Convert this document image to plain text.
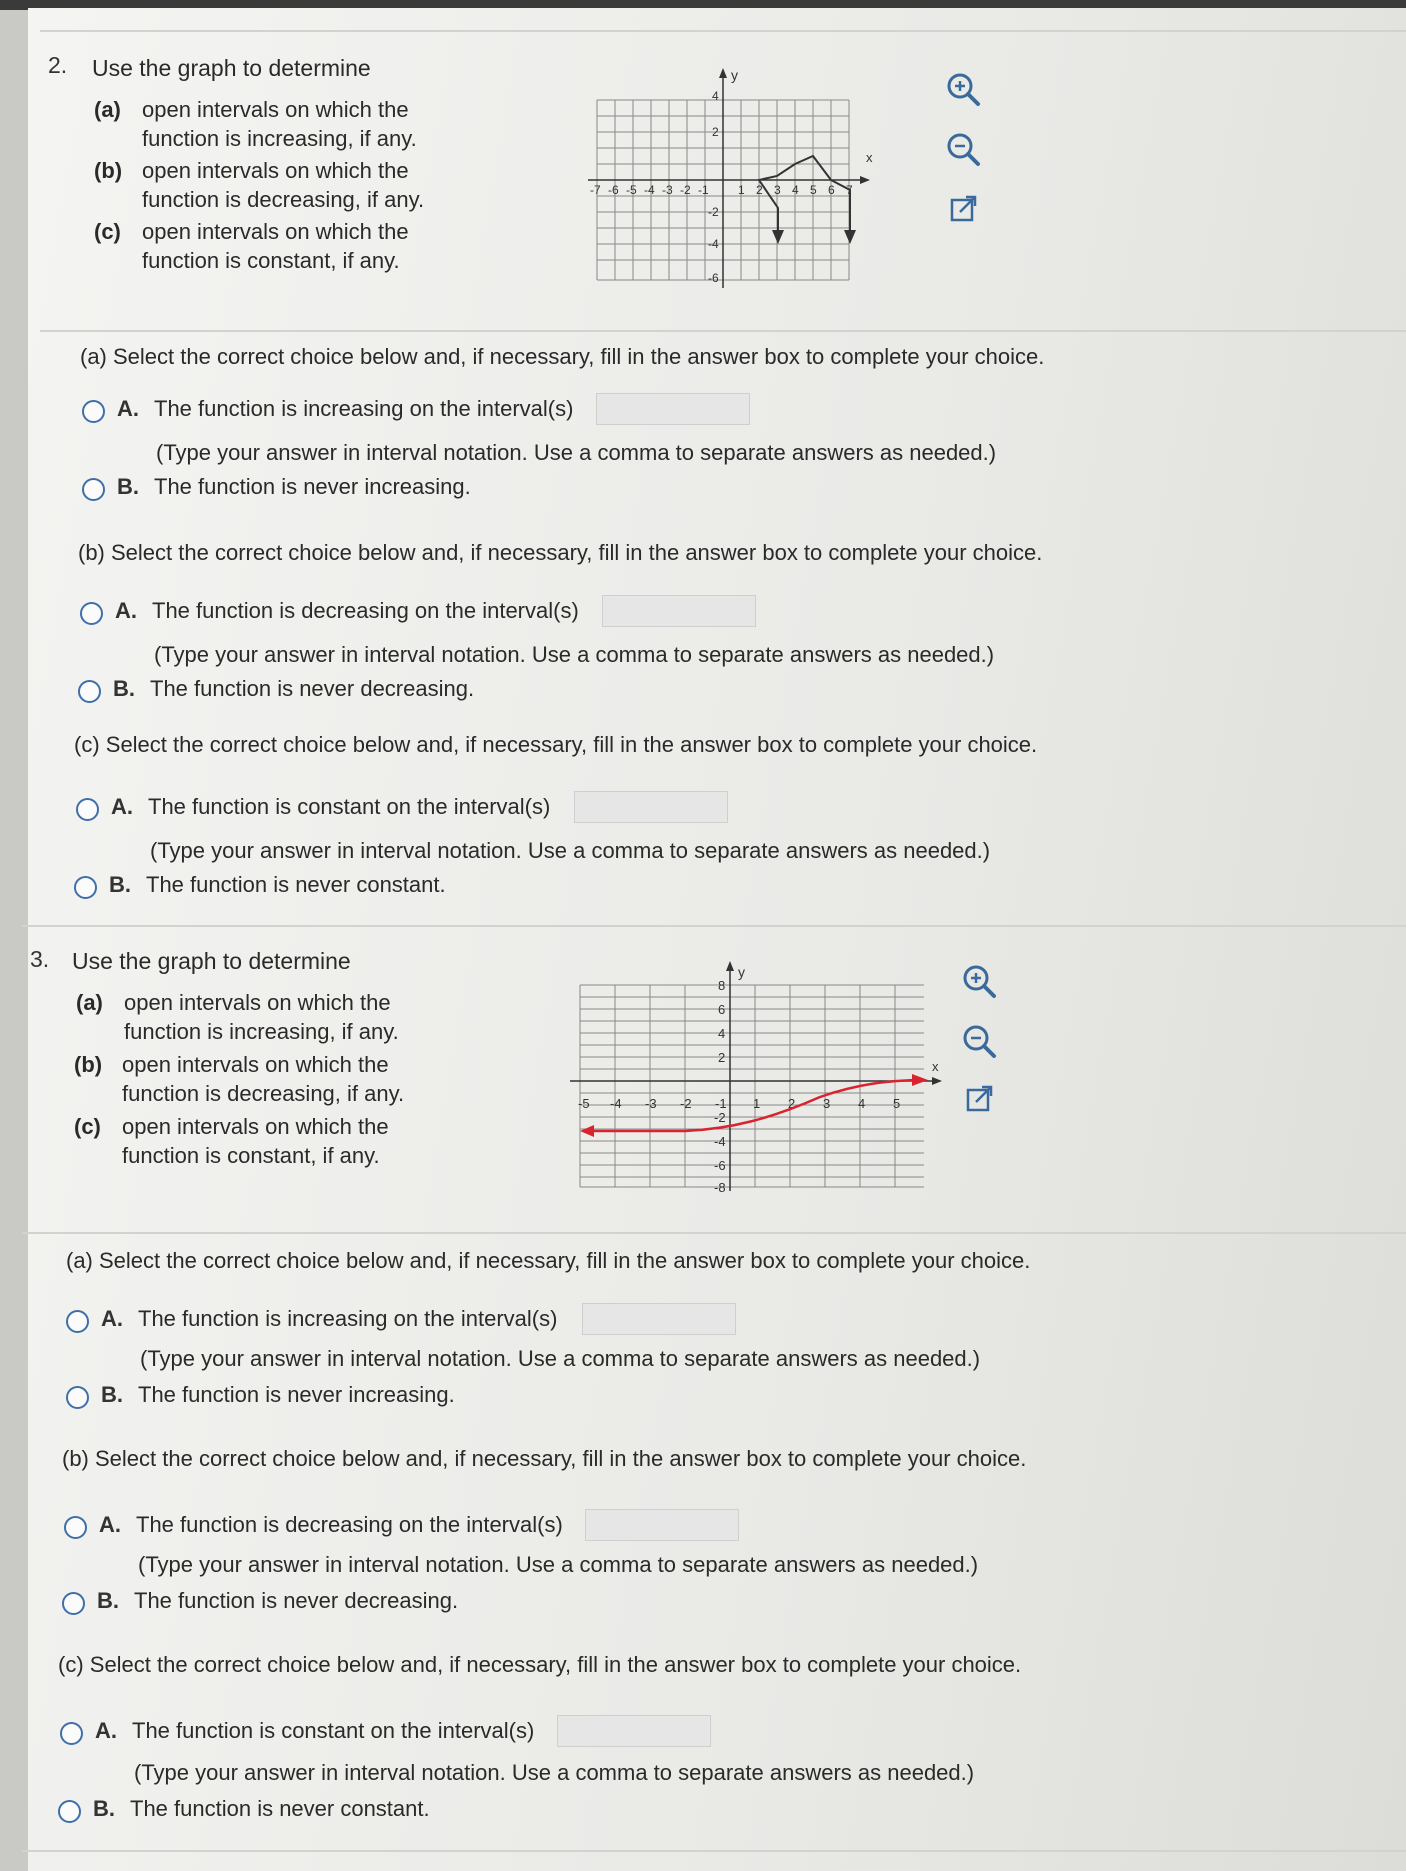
2. Use the graph to determine
(a) open intervals on which the function is increasing, if any.
(b) open intervals on which the function is decreasing, if any.
(c) open intervals on which the function is constant, if any.
x
y
-7 -6 -5 -4 -3 -2 -1 1 2 3 4 5 6 7
4
2
-2
-4
-6
(a) Select the correct choice below and, if necessary, fill in the answer box to complete your choice.
A. The function is increasing on the interval(s)
(Type your answer in interval notation. Use a comma to separate answers as needed.)
B. The function is never increasing.
(b) Select the correct choice below and, if necessary, fill in the answer box to complete your choice.
A. The function is decreasing on the interval(s)
(Type your answer in interval notation. Use a comma to separate answers as needed.)
B. The function is never decreasing.
(c) Select the correct choice below and, if necessary, fill in the answer box to complete your choice.
A. The function is constant on the interval(s)
(Type your answer in interval notation. Use a comma to separate answers as needed.)
B. The function is never constant.
3. Use the graph to determine
(a) open intervals on which the function is increasing, if any.
(b) open intervals on which the function is decreasing, if any.
(c) open intervals on which the function is constant, if any.
x
y
-5 -4 -3 -2 -1 1 2 3 4 5
8
6
4
2
-2
-4
-6
-8
(a) Select the correct choice below and, if necessary, fill in the answer box to complete your choice.
A. The function is increasing on the interval(s)
(Type your answer in interval notation. Use a comma to separate answers as needed.)
B. The function is never increasing.
(b) Select the correct choice below and, if necessary, fill in the answer box to complete your choice.
A. The function is decreasing on the interval(s)
(Type your answer in interval notation. Use a comma to separate answers as needed.)
B. The function is never decreasing.
(c) Select the correct choice below and, if necessary, fill in the answer box to complete your choice.
A. The function is constant on the interval(s)
(Type your answer in interval notation. Use a comma to separate answers as needed.)
B. The function is never constant.
